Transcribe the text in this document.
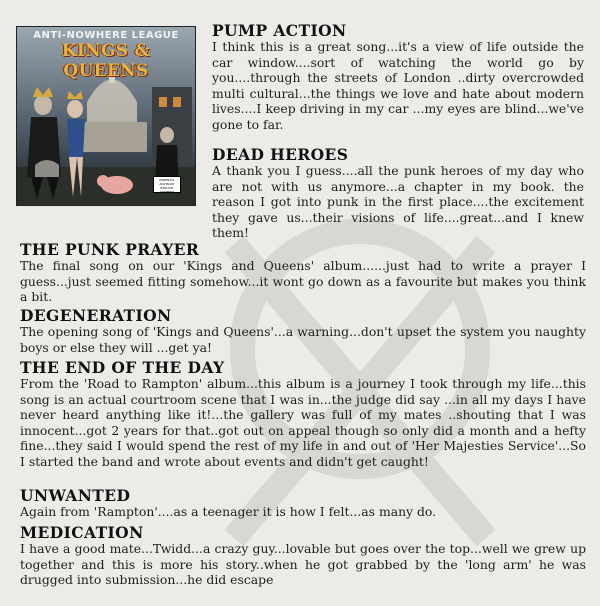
ANTI-NOWHERE LEAGUE
KINGS & QUEENS
PARENTAL ADVISORY EXPLICIT CONTENT
PUMP ACTION

I think this is a great song...it's a view of life outside the car window....sort of watching the world go by you....through the streets of London ..dirty overcrowded multi cultural...the things we love and hate about modern lives....I keep driving in my car ...my eyes are blind...we've gone to far.

DEAD HEROES

A thank you I guess....all the punk heroes of my day who are not with us anymore...a chapter in my book. the reason I got into punk in the first place....the excitement they gave us...their visions of life....great...and I knew them!

THE PUNK PRAYER

The final song on our 'Kings and Queens' album......just had to write a prayer I guess...just seemed fitting somehow...it wont go down as a favourite but makes you think a bit.

DEGENERATION

The opening song of 'Kings and Queens'...a warning...don't upset the system you naughty boys or else they will ...get ya!

THE END OF THE DAY

From the 'Road to Rampton' album...this album is a journey I took through my life...this song is an actual courtroom scene that I was in...the judge did say ...in all my days I have never heard anything like it!...the gallery was full of my mates ..shouting that I was innocent...got 2 years for that..got out on appeal though so only did a month and a hefty fine...they said I would spend the rest of my life in and out of 'Her Majesties Service'...So I started the band and wrote about events and didn't get caught!

UNWANTED

Again from 'Rampton'....as a teenager it is how I felt...as many do.

MEDICATION

I have a good mate...Twidd...a crazy guy...lovable but goes over the top...well we grew up together and this is more his story..when he got grabbed by the 'long arm' he was drugged into submission...he did escape
